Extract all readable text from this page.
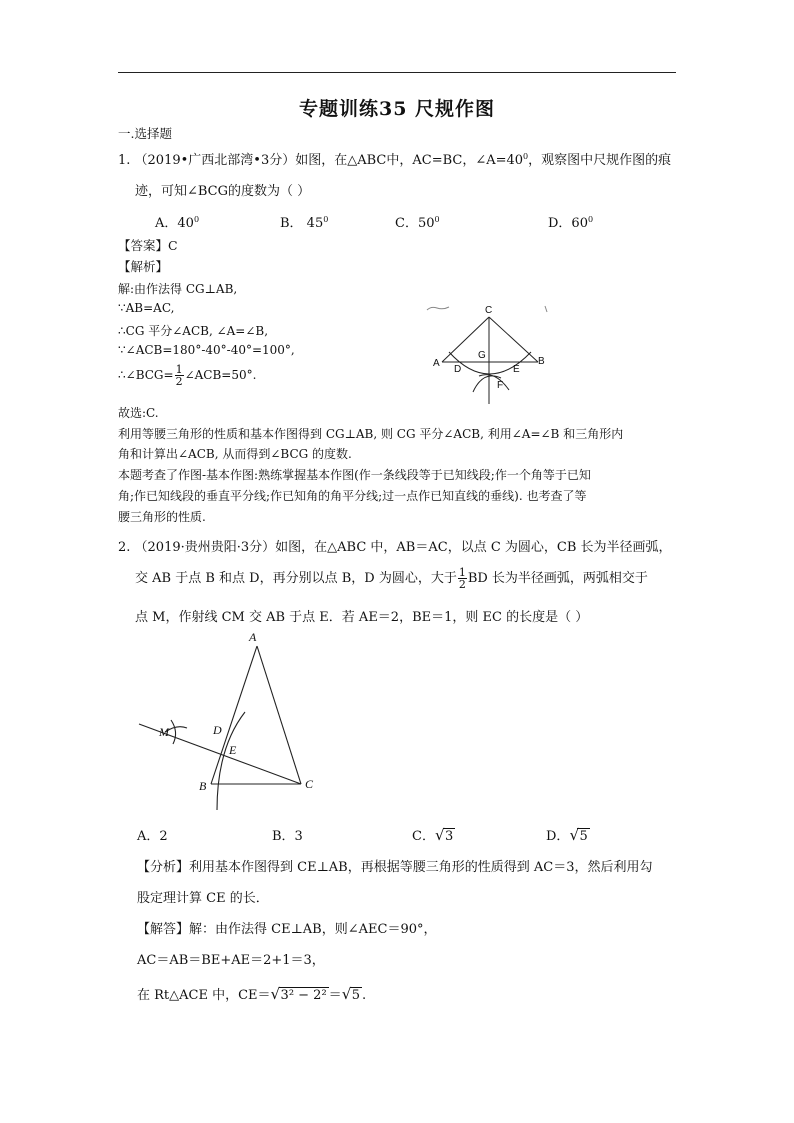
专题训练35 尺规作图
一.选择题
1. （2019•广西北部湾•3分）如图，在△ABC中，AC=BC，$\angle A=40^0$，观察图中尺规作图的痕
迹，可知∠BCG的度数为（ ）
A．$40^0$	B． $45^0$	C．$50^0$	D．$60^0$
【答案】C
【解析】
解:由作法得 CG⊥AB,
∵AB=AC,
∴CG 平分∠ACB, ∠A=∠B,
∵∠ACB=180°-40°-40°=100°,
∴∠BCG= $\frac{1}{2}$ ∠ACB=50°.
故选:C.
利用等腰三角形的性质和基本作图得到 CG⊥AB, 则 CG 平分∠ACB, 利用∠A=∠B 和三角形内
角和计算出∠ACB, 从而得到∠BCG 的度数.
本题考查了作图-基本作图:熟练掌握基本作图(作一条线段等于已知线段;作一个角等于已知
角;作已知线段的垂直平分线;作已知角的角平分线;过一点作已知直线的垂线). 也考查了等
腰三角形的性质.
C
A	B
G
D	E
F
2. （2019·贵州贵阳·3分）如图，在△ABC 中，AB＝AC，以点 C 为圆心，CB 长为半径画弧，
交 AB 于点 B 和点 D，再分别以点 B，D 为圆心，大于 $\frac{1}{2}$ BD 长为半径画弧，两弧相交于
点 M，作射线 CM 交 AB 于点 E．若 AE＝2，BE＝1，则 EC 的长度是（ ）
A
M	D
E
B	C
A．2	B．3	C． √ 3	D． √ 5
【分析】利用基本作图得到 CE⊥AB，再根据等腰三角形的性质得到 AC＝3，然后利用勾
股定理计算 CE 的长．
【解答】解：由作法得 CE⊥AB，则∠AEC＝90°，
AC＝AB＝BE+AE＝2+1＝3，
在 Rt△ACE 中，CE＝ √ 3² − 2² ＝ √ 5 .
